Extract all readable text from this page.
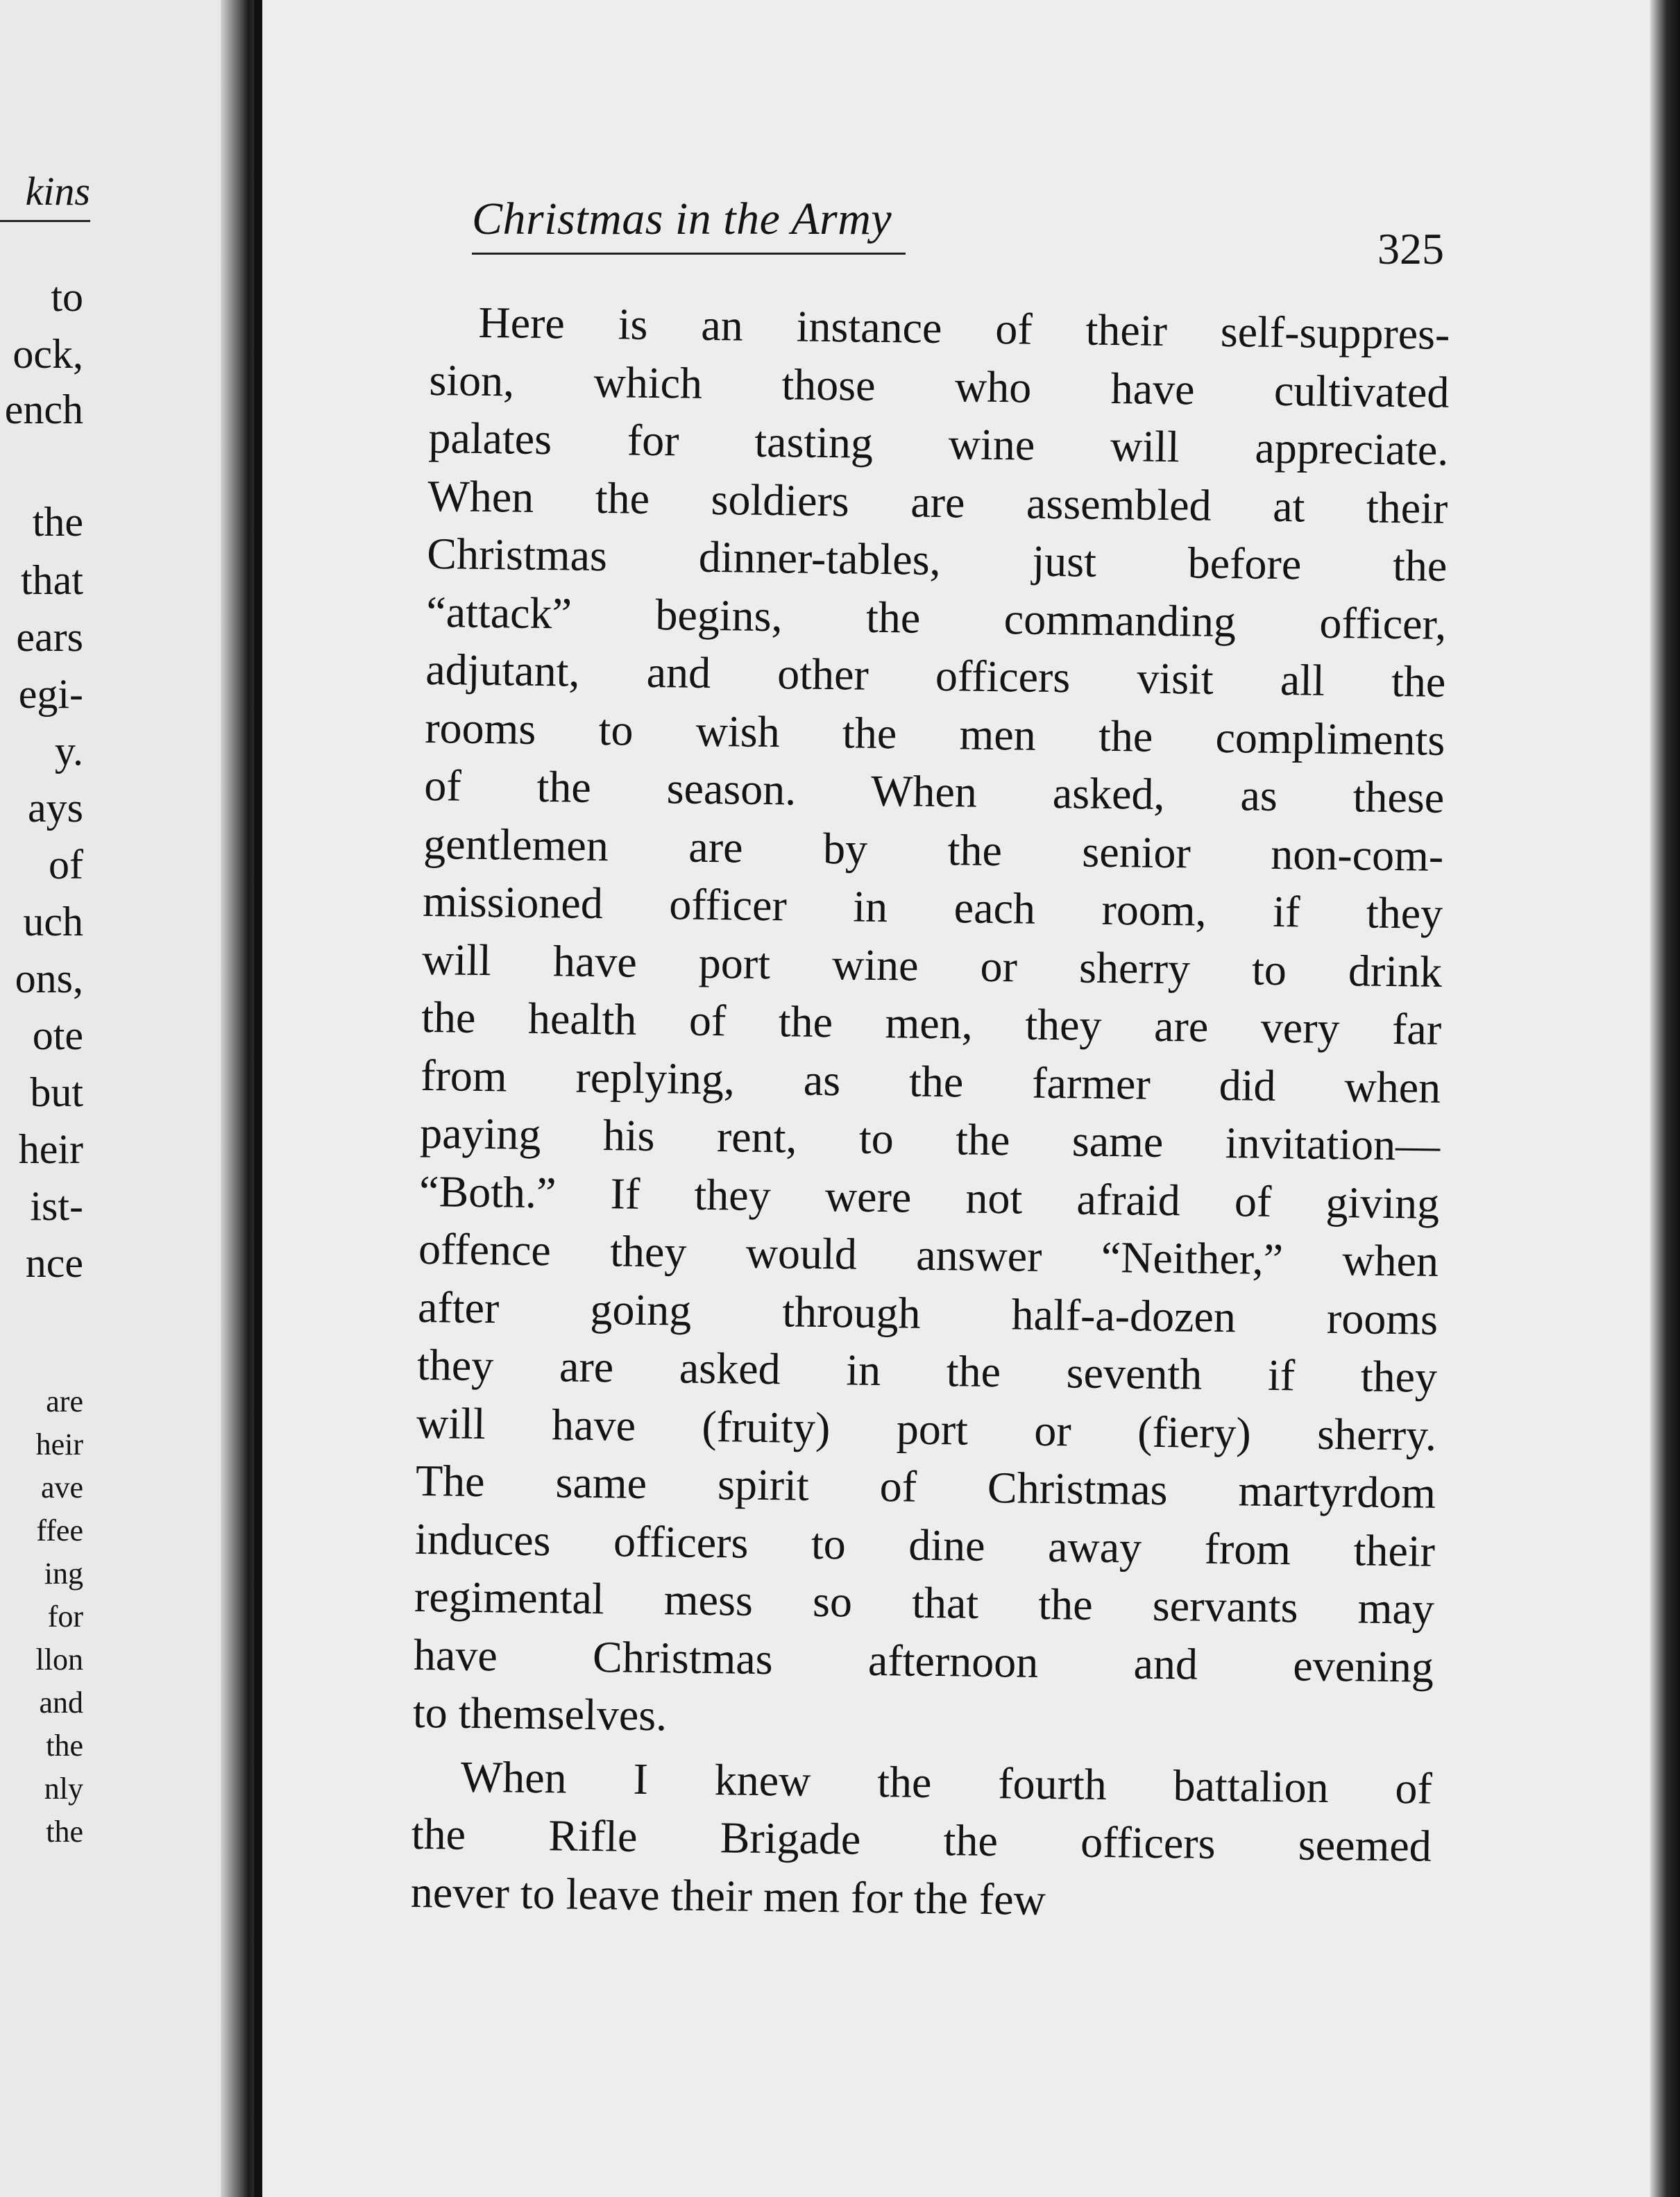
kins
to
ock,
ench
the
that
ears
egi-
y.
ays
of
uch
ons,
ote
but
heir
ist-
nce
are
heir
ave
ffee
ing
for
llon
and
the
nly
the
Christmas in the Army
325
Here is an instance of their self-suppres-
sion, which those who have cultivated
palates for tasting wine will appreciate.
When the soldiers are assembled at their
Christmas dinner-tables, just before the
“attack” begins, the commanding officer,
adjutant, and other officers visit all the
rooms to wish the men the compliments
of the season. When asked, as these
gentlemen are by the senior non-com-
missioned officer in each room, if they
will have port wine or sherry to drink
the health of the men, they are very far
from replying, as the farmer did when
paying his rent, to the same invitation—
“Both.” If they were not afraid of giving
offence they would answer “Neither,” when
after going through half-a-dozen rooms
they are asked in the seventh if they
will have (fruity) port or (fiery) sherry.
The same spirit of Christmas martyrdom
induces officers to dine away from their
regimental mess so that the servants may
have Christmas afternoon and evening
to themselves.
When I knew the fourth battalion of
the Rifle Brigade the officers seemed
never to leave their men for the few
